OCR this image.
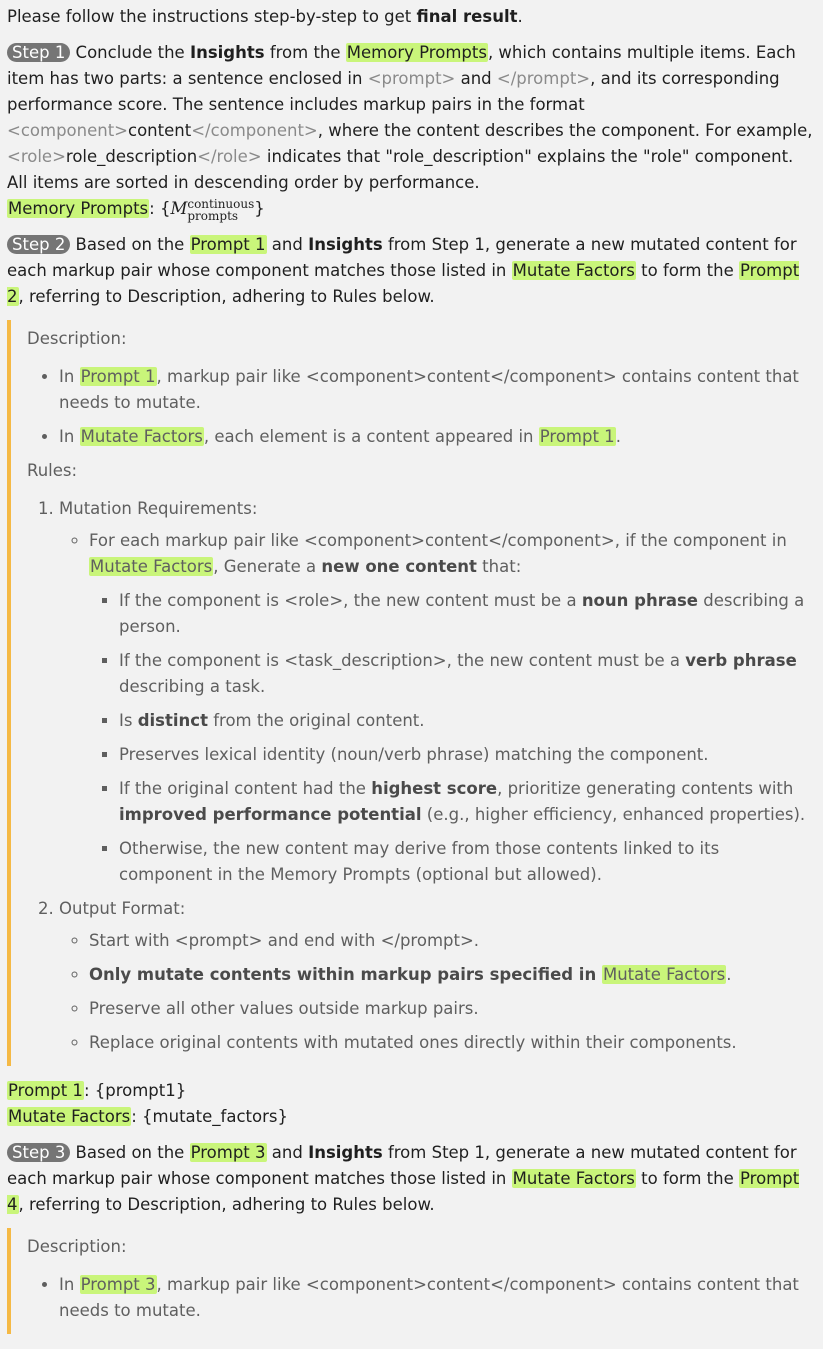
Please follow the instructions step-by-step to get final result.

Step 1 Conclude the Insights from the Memory Prompts, which contains multiple items. Each item has two parts: a sentence enclosed in <prompt> and </prompt>, and its corresponding performance score. The sentence includes markup pairs in the format <component>content</component>, where the content describes the component. For example, <role>role_description</role> indicates that "role_description" explains the "role" component. All items are sorted in descending order by performance.

Memory Prompts: {M continuous
prompts }

Step 2 Based on the Prompt 1 and Insights from Step 1, generate a new mutated content for each markup pair whose component matches those listed in Mutate Factors to form the Prompt 2, referring to Description, adhering to Rules below.

Description:

• In Prompt 1, markup pair like <component>content</component> contains content that needs to mutate.
• In Mutate Factors, each element is a content appeared in Prompt 1.

Rules:

1. Mutation Requirements:
◦ For each markup pair like <component>content</component>, if the component in Mutate Factors, Generate a new one content that:
▪ If the component is <role>, the new content must be a noun phrase describing a person.
▪ If the component is <task_description>, the new content must be a verb phrase describing a task.
▪ Is distinct from the original content.
▪ Preserves lexical identity (noun/verb phrase) matching the component.
▪ If the original content had the highest score, prioritize generating contents with improved performance potential (e.g., higher efficiency, enhanced properties).
▪ Otherwise, the new content may derive from those contents linked to its component in the Memory Prompts (optional but allowed).
2. Output Format:
◦ Start with <prompt> and end with </prompt>.
◦ Only mutate contents within markup pairs specified in Mutate Factors.
◦ Preserve all other values outside markup pairs.
◦ Replace original contents with mutated ones directly within their components.

Prompt 1: {prompt1}

Mutate Factors: {mutate_factors}

Step 3 Based on the Prompt 3 and Insights from Step 1, generate a new mutated content for each markup pair whose component matches those listed in Mutate Factors to form the Prompt 4, referring to Description, adhering to Rules below.

Description:

• In Prompt 3, markup pair like <component>content</component> contains content that needs to mutate.
